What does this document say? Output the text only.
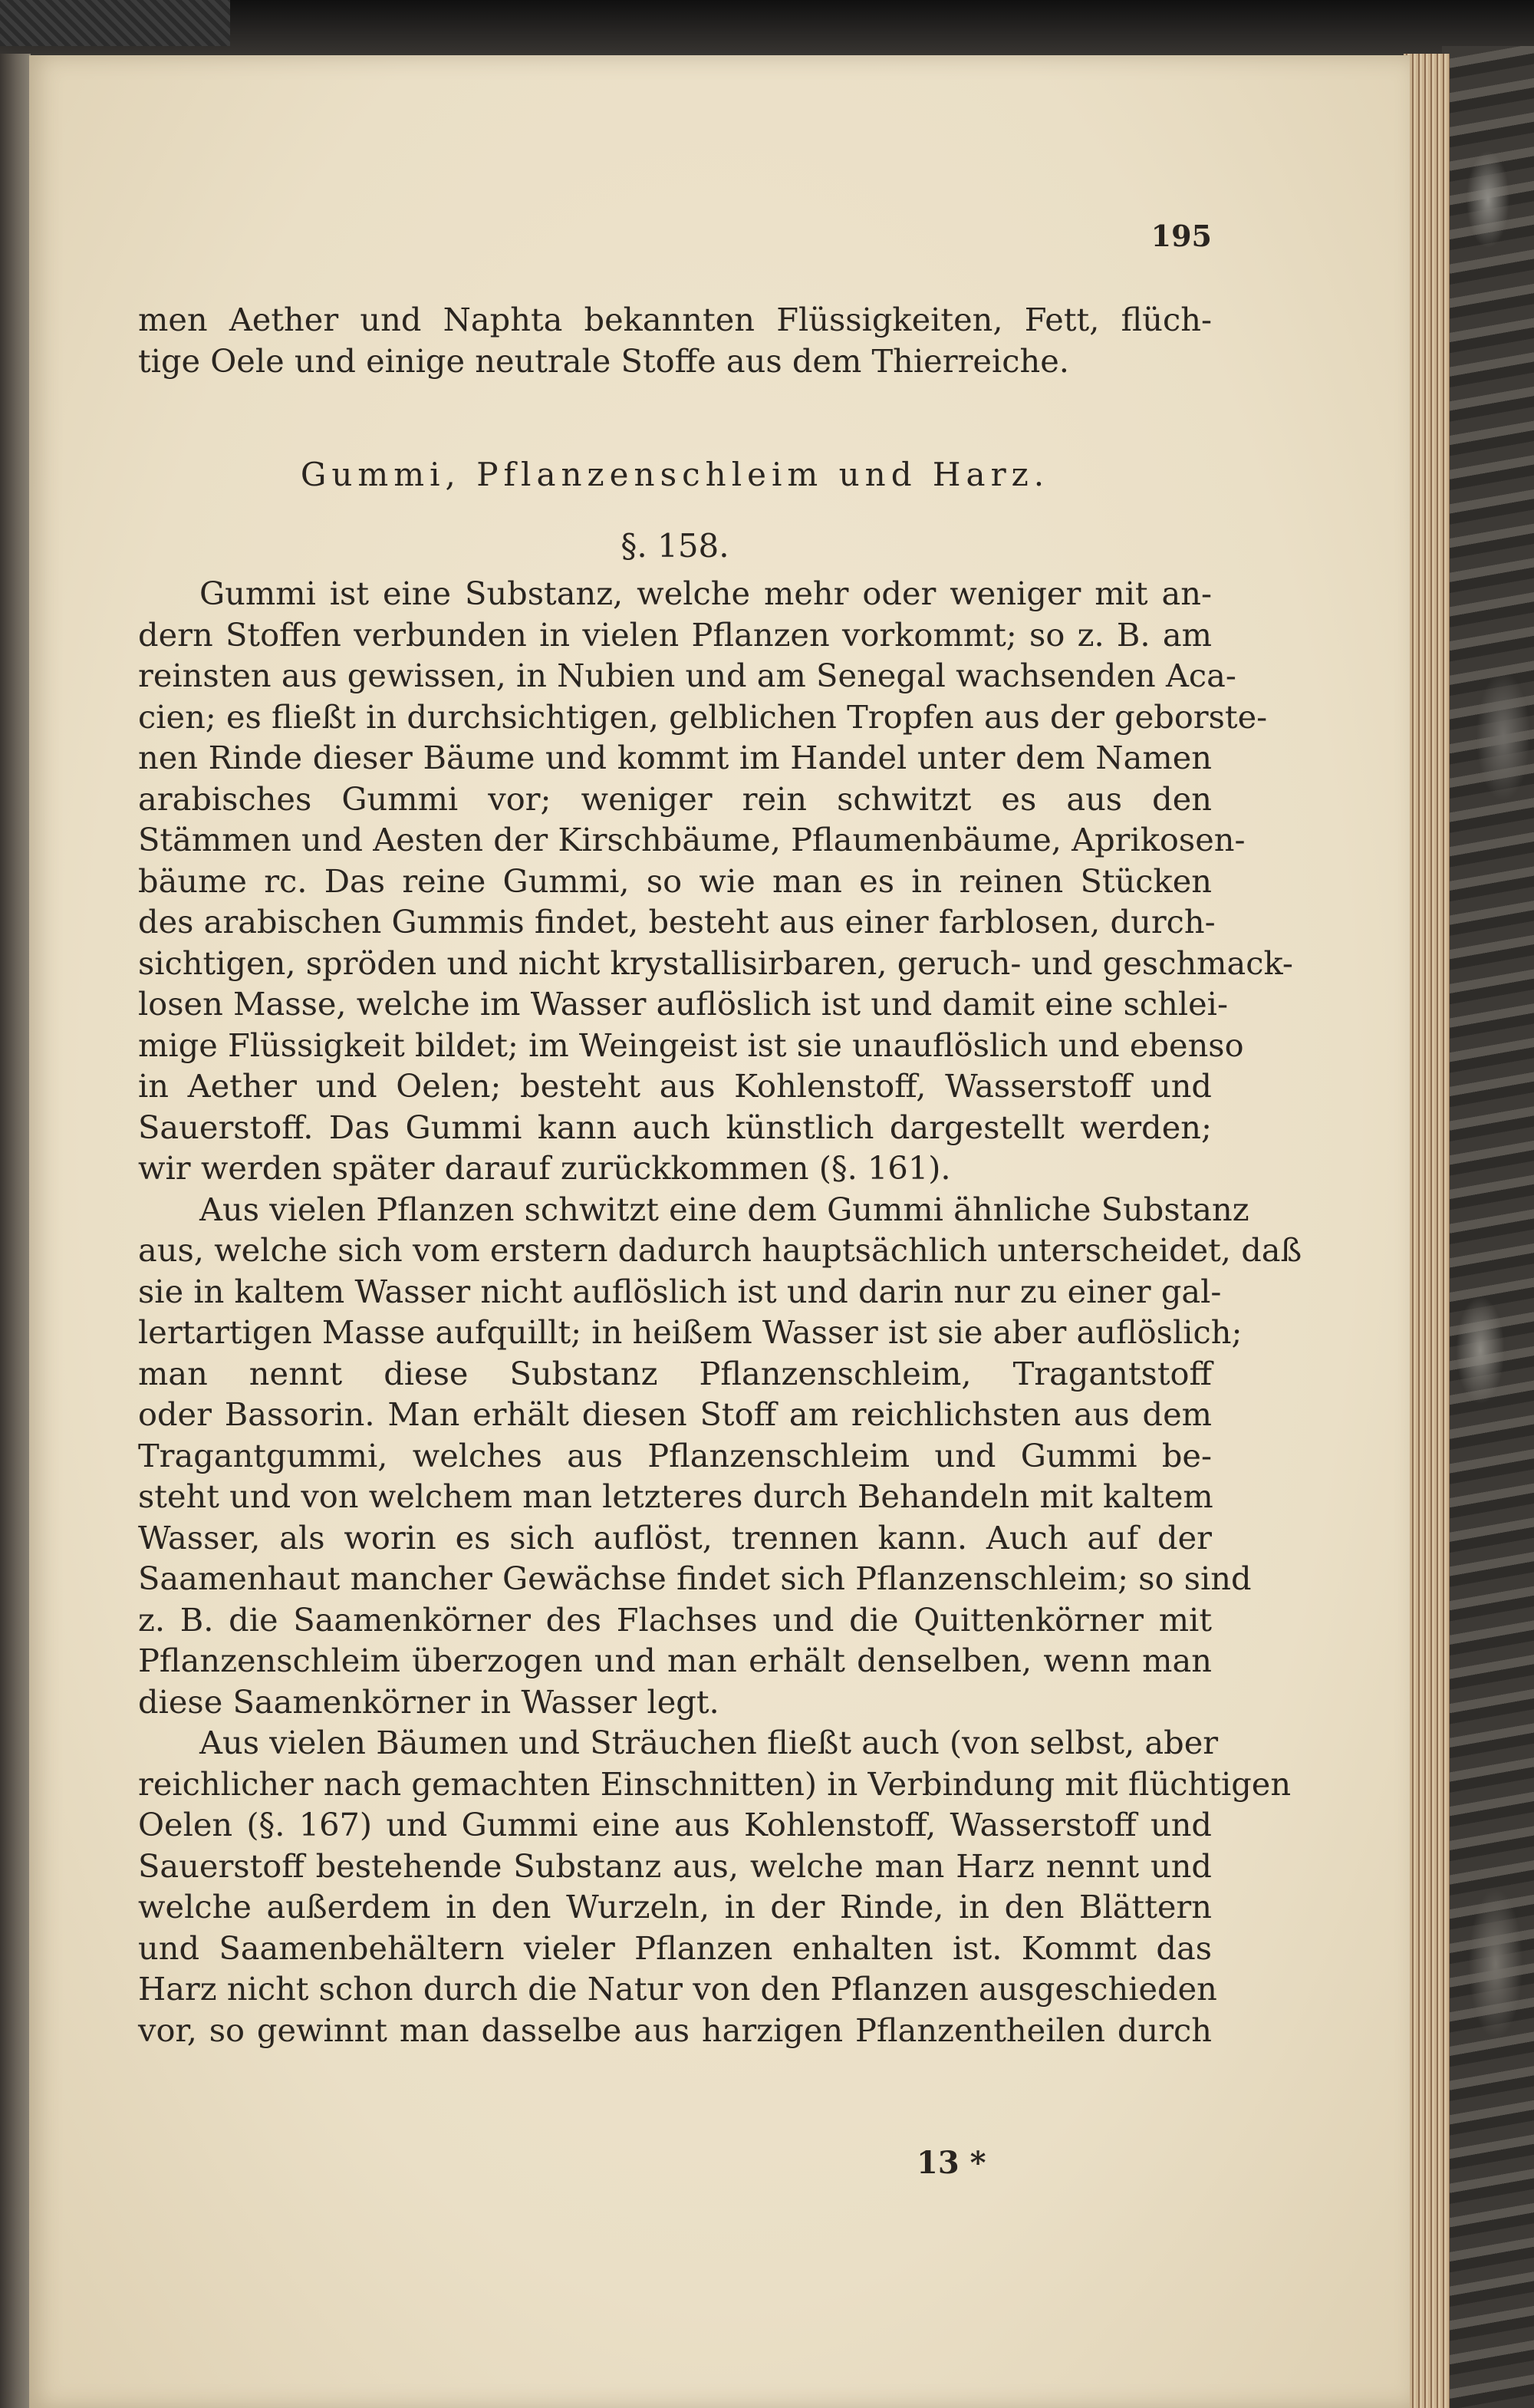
195
men Aether und Naphta bekannten Flüssigkeiten, Fett, flüch-
tige Oele und einige neutrale Stoffe aus dem Thierreiche.
Gummi, Pflanzenschleim und Harz.
§. 158.
Gummi ist eine Substanz, welche mehr oder weniger mit an-
dern Stoffen verbunden in vielen Pflanzen vorkommt; so z. B. am
reinsten aus gewissen, in Nubien und am Senegal wachsenden Aca-
cien; es fließt in durchsichtigen, gelblichen Tropfen aus der geborste-
nen Rinde dieser Bäume und kommt im Handel unter dem Namen
arabisches Gummi vor; weniger rein schwitzt es aus den
Stämmen und Aesten der Kirschbäume, Pflaumenbäume, Aprikosen-
bäume rc. Das reine Gummi, so wie man es in reinen Stücken
des arabischen Gummis findet, besteht aus einer farblosen, durch-
sichtigen, spröden und nicht krystallisirbaren, geruch- und geschmack-
losen Masse, welche im Wasser auflöslich ist und damit eine schlei-
mige Flüssigkeit bildet; im Weingeist ist sie unauflöslich und ebenso
in Aether und Oelen; besteht aus Kohlenstoff, Wasserstoff und
Sauerstoff. Das Gummi kann auch künstlich dargestellt werden;
wir werden später darauf zurückkommen (§. 161).
Aus vielen Pflanzen schwitzt eine dem Gummi ähnliche Substanz
aus, welche sich vom erstern dadurch hauptsächlich unterscheidet, daß
sie in kaltem Wasser nicht auflöslich ist und darin nur zu einer gal-
lertartigen Masse aufquillt; in heißem Wasser ist sie aber auflöslich;
man nennt diese Substanz Pflanzenschleim, Tragantstoff
oder Bassorin. Man erhält diesen Stoff am reichlichsten aus dem
Tragantgummi, welches aus Pflanzenschleim und Gummi be-
steht und von welchem man letzteres durch Behandeln mit kaltem
Wasser, als worin es sich auflöst, trennen kann. Auch auf der
Saamenhaut mancher Gewächse findet sich Pflanzenschleim; so sind
z. B. die Saamenkörner des Flachses und die Quittenkörner mit
Pflanzenschleim überzogen und man erhält denselben, wenn man
diese Saamenkörner in Wasser legt.
Aus vielen Bäumen und Sträuchen fließt auch (von selbst, aber
reichlicher nach gemachten Einschnitten) in Verbindung mit flüchtigen
Oelen (§. 167) und Gummi eine aus Kohlenstoff, Wasserstoff und
Sauerstoff bestehende Substanz aus, welche man Harz nennt und
welche außerdem in den Wurzeln, in der Rinde, in den Blättern
und Saamenbehältern vieler Pflanzen enhalten ist. Kommt das
Harz nicht schon durch die Natur von den Pflanzen ausgeschieden
vor, so gewinnt man dasselbe aus harzigen Pflanzentheilen durch
13 *
